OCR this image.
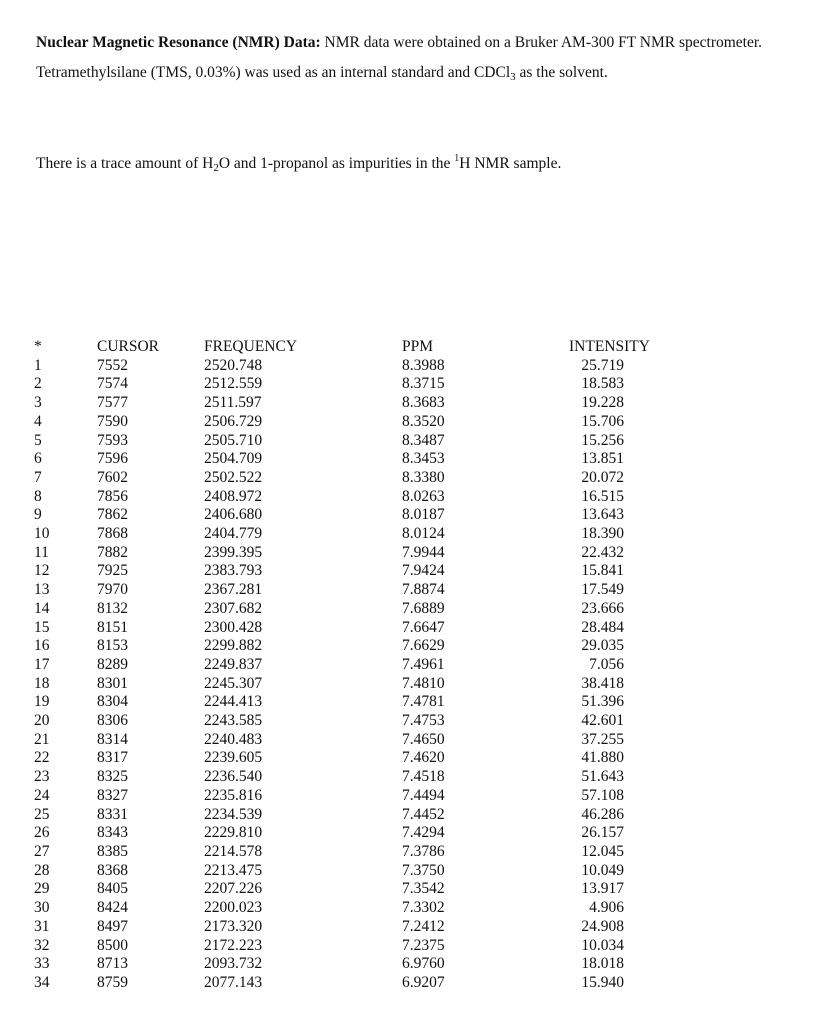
Nuclear Magnetic Resonance (NMR) Data: NMR data were obtained on a Bruker AM-300 FT NMR spectrometer. Tetramethylsilane (TMS, 0.03%) was used as an internal standard and CDCl$_3$ as the solvent.

There is a trace amount of $H_2O$ and 1-propanol as impurities in the $^1$H NMR sample.

*	CURSOR	FREQUENCY	PPM	INTENSITY
1	7552	2520.748	8.3988	25.719
2	7574	2512.559	8.3715	18.583
3	7577	2511.597	8.3683	19.228
4	7590	2506.729	8.3520	15.706
5	7593	2505.710	8.3487	15.256
6	7596	2504.709	8.3453	13.851
7	7602	2502.522	8.3380	20.072
8	7856	2408.972	8.0263	16.515
9	7862	2406.680	8.0187	13.643
10	7868	2404.779	8.0124	18.390
11	7882	2399.395	7.9944	22.432
12	7925	2383.793	7.9424	15.841
13	7970	2367.281	7.8874	17.549
14	8132	2307.682	7.6889	23.666
15	8151	2300.428	7.6647	28.484
16	8153	2299.882	7.6629	29.035
17	8289	2249.837	7.4961	7.056
18	8301	2245.307	7.4810	38.418
19	8304	2244.413	7.4781	51.396
20	8306	2243.585	7.4753	42.601
21	8314	2240.483	7.4650	37.255
22	8317	2239.605	7.4620	41.880
23	8325	2236.540	7.4518	51.643
24	8327	2235.816	7.4494	57.108
25	8331	2234.539	7.4452	46.286
26	8343	2229.810	7.4294	26.157
27	8385	2214.578	7.3786	12.045
28	8368	2213.475	7.3750	10.049
29	8405	2207.226	7.3542	13.917
30	8424	2200.023	7.3302	4.906
31	8497	2173.320	7.2412	24.908
32	8500	2172.223	7.2375	10.034
33	8713	2093.732	6.9760	18.018
34	8759	2077.143	6.9207	15.940
